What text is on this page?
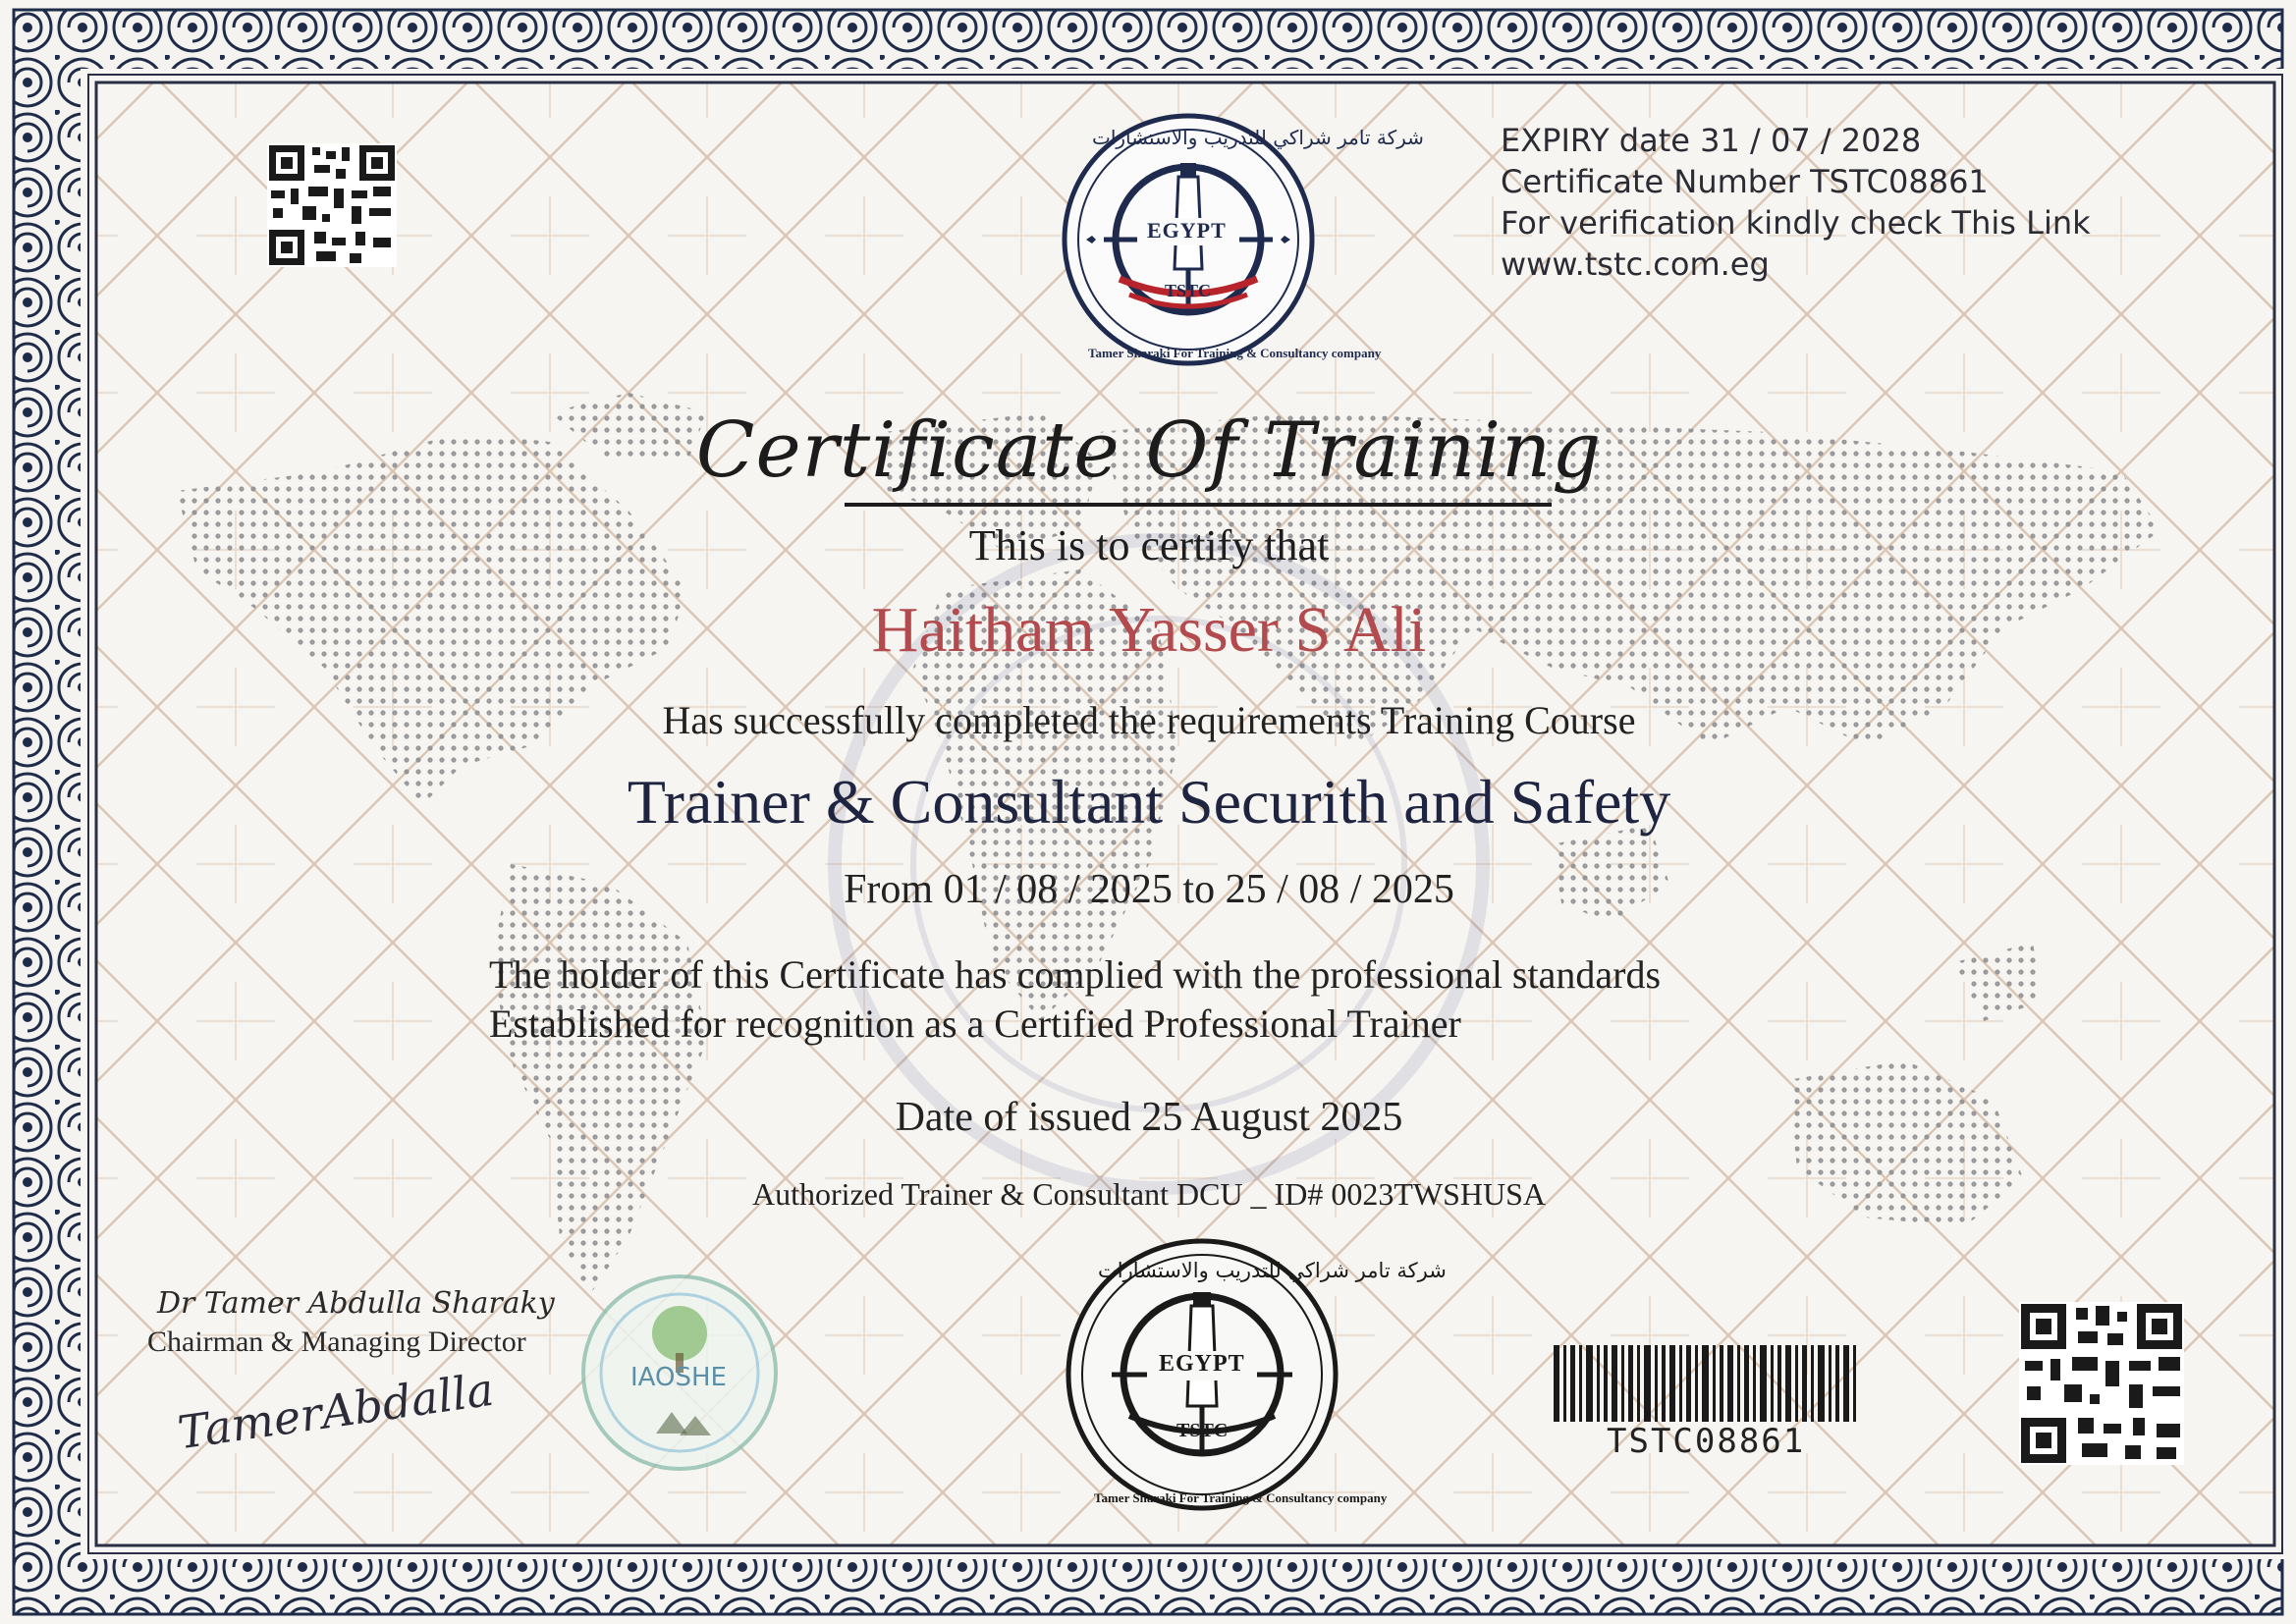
EGYPT
TSTC
شركة تامر شراكي للتدريب والاستشارات
Tamer Sharaki For Training & Consultancy company
EGYPT
TSTC
شركة تامر شراكي للتدريب والاستشارات
Tamer Sharaki For Training & Consultancy company
IAOSHE
EXPIRY date 31 / 07 / 2028
Certificate Number TSTC08861
For verification kindly check This Link
www.tstc.com.eg
Certificate Of Training
This is to certify that
Haitham Yasser S Ali
Has successfully completed the requirements Training Course
Trainer & Consultant Securith and Safety
From 01 / 08 / 2025 to 25 / 08 / 2025
The holder of this Certificate has complied with the professional standards
Established for recognition as a Certified Professional Trainer
Date of issued 25 August 2025
Authorized Trainer & Consultant DCU _ ID# 0023TWSHUSA
Dr Tamer Abdulla Sharaky
Chairman & Managing Director
TamerAbdalla	TSTC08861
